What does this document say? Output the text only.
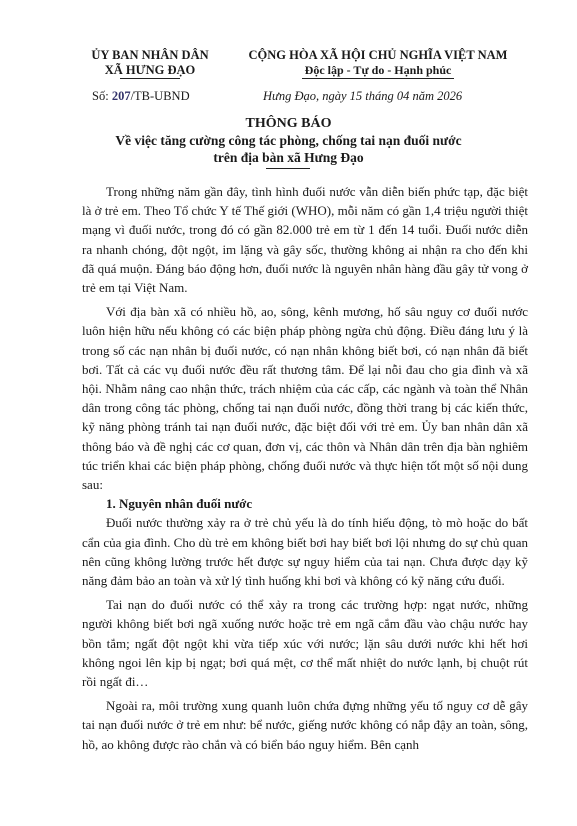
ỦY BAN NHÂN DÂN
XÃ HƯNG ĐẠO
CỘNG HÒA XÃ HỘI CHỦ NGHĨA VIỆT NAM
Độc lập - Tự do - Hạnh phúc
Số: 207/TB-UBND	Hưng Đạo, ngày 15 tháng 04 năm 2026
THÔNG BÁO
Về việc tăng cường công tác phòng, chống tai nạn đuối nước
trên địa bàn xã Hưng Đạo

Trong những năm gần đây, tình hình đuối nước vẫn diễn biến phức tạp, đặc biệt là ở trẻ em. Theo Tổ chức Y tế Thế giới (WHO), mỗi năm có gần 1,4 triệu người thiệt mạng vì đuối nước, trong đó có gần 82.000 trẻ em từ 1 đến 14 tuổi. Đuối nước diễn ra nhanh chóng, đột ngột, im lặng và gây sốc, thường không ai nhận ra cho đến khi đã quá muộn. Đáng báo động hơn, đuối nước là nguyên nhân hàng đầu gây tử vong ở trẻ em tại Việt Nam.

Với địa bàn xã có nhiều hồ, ao, sông, kênh mương, hố sâu nguy cơ đuối nước luôn hiện hữu nếu không có các biện pháp phòng ngừa chủ động. Điều đáng lưu ý là trong số các nạn nhân bị đuối nước, có nạn nhân không biết bơi, có nạn nhân đã biết bơi. Tất cả các vụ đuối nước đều rất thương tâm. Để lại nỗi đau cho gia đình và xã hội. Nhằm nâng cao nhận thức, trách nhiệm của các cấp, các ngành và toàn thể Nhân dân trong công tác phòng, chống tai nạn đuối nước, đồng thời trang bị các kiến thức, kỹ năng phòng tránh tai nạn đuối nước, đặc biệt đối với trẻ em. Ủy ban nhân dân xã thông báo và đề nghị các cơ quan, đơn vị, các thôn và Nhân dân trên địa bàn nghiêm túc triển khai các biện pháp phòng, chống đuối nước và thực hiện tốt một số nội dung sau:

1. Nguyên nhân đuối nước

Đuối nước thường xảy ra ở trẻ chủ yếu là do tính hiếu động, tò mò hoặc do bất cẩn của gia đình. Cho dù trẻ em không biết bơi hay biết bơi lội nhưng do sự chủ quan nên cũng không lường trước hết được sự nguy hiểm của tai nạn. Chưa được dạy kỹ năng đảm bảo an toàn và xử lý tình huống khi bơi và không có kỹ năng cứu đuối.

Tai nạn do đuối nước có thể xảy ra trong các trường hợp: ngạt nước, những người không biết bơi ngã xuống nước hoặc trẻ em ngã cắm đầu vào chậu nước hay bồn tắm; ngất đột ngột khi vừa tiếp xúc với nước; lặn sâu dưới nước khi hết hơi không ngoi lên kịp bị ngạt; bơi quá mệt, cơ thể mất nhiệt do nước lạnh, bị chuột rút rồi ngất đi…

Ngoài ra, môi trường xung quanh luôn chứa đựng những yếu tố nguy cơ dễ gây tai nạn đuối nước ở trẻ em như: bể nước, giếng nước không có nắp đậy an toàn, sông, hồ, ao không được rào chắn và có biển báo nguy hiểm. Bên cạnh
